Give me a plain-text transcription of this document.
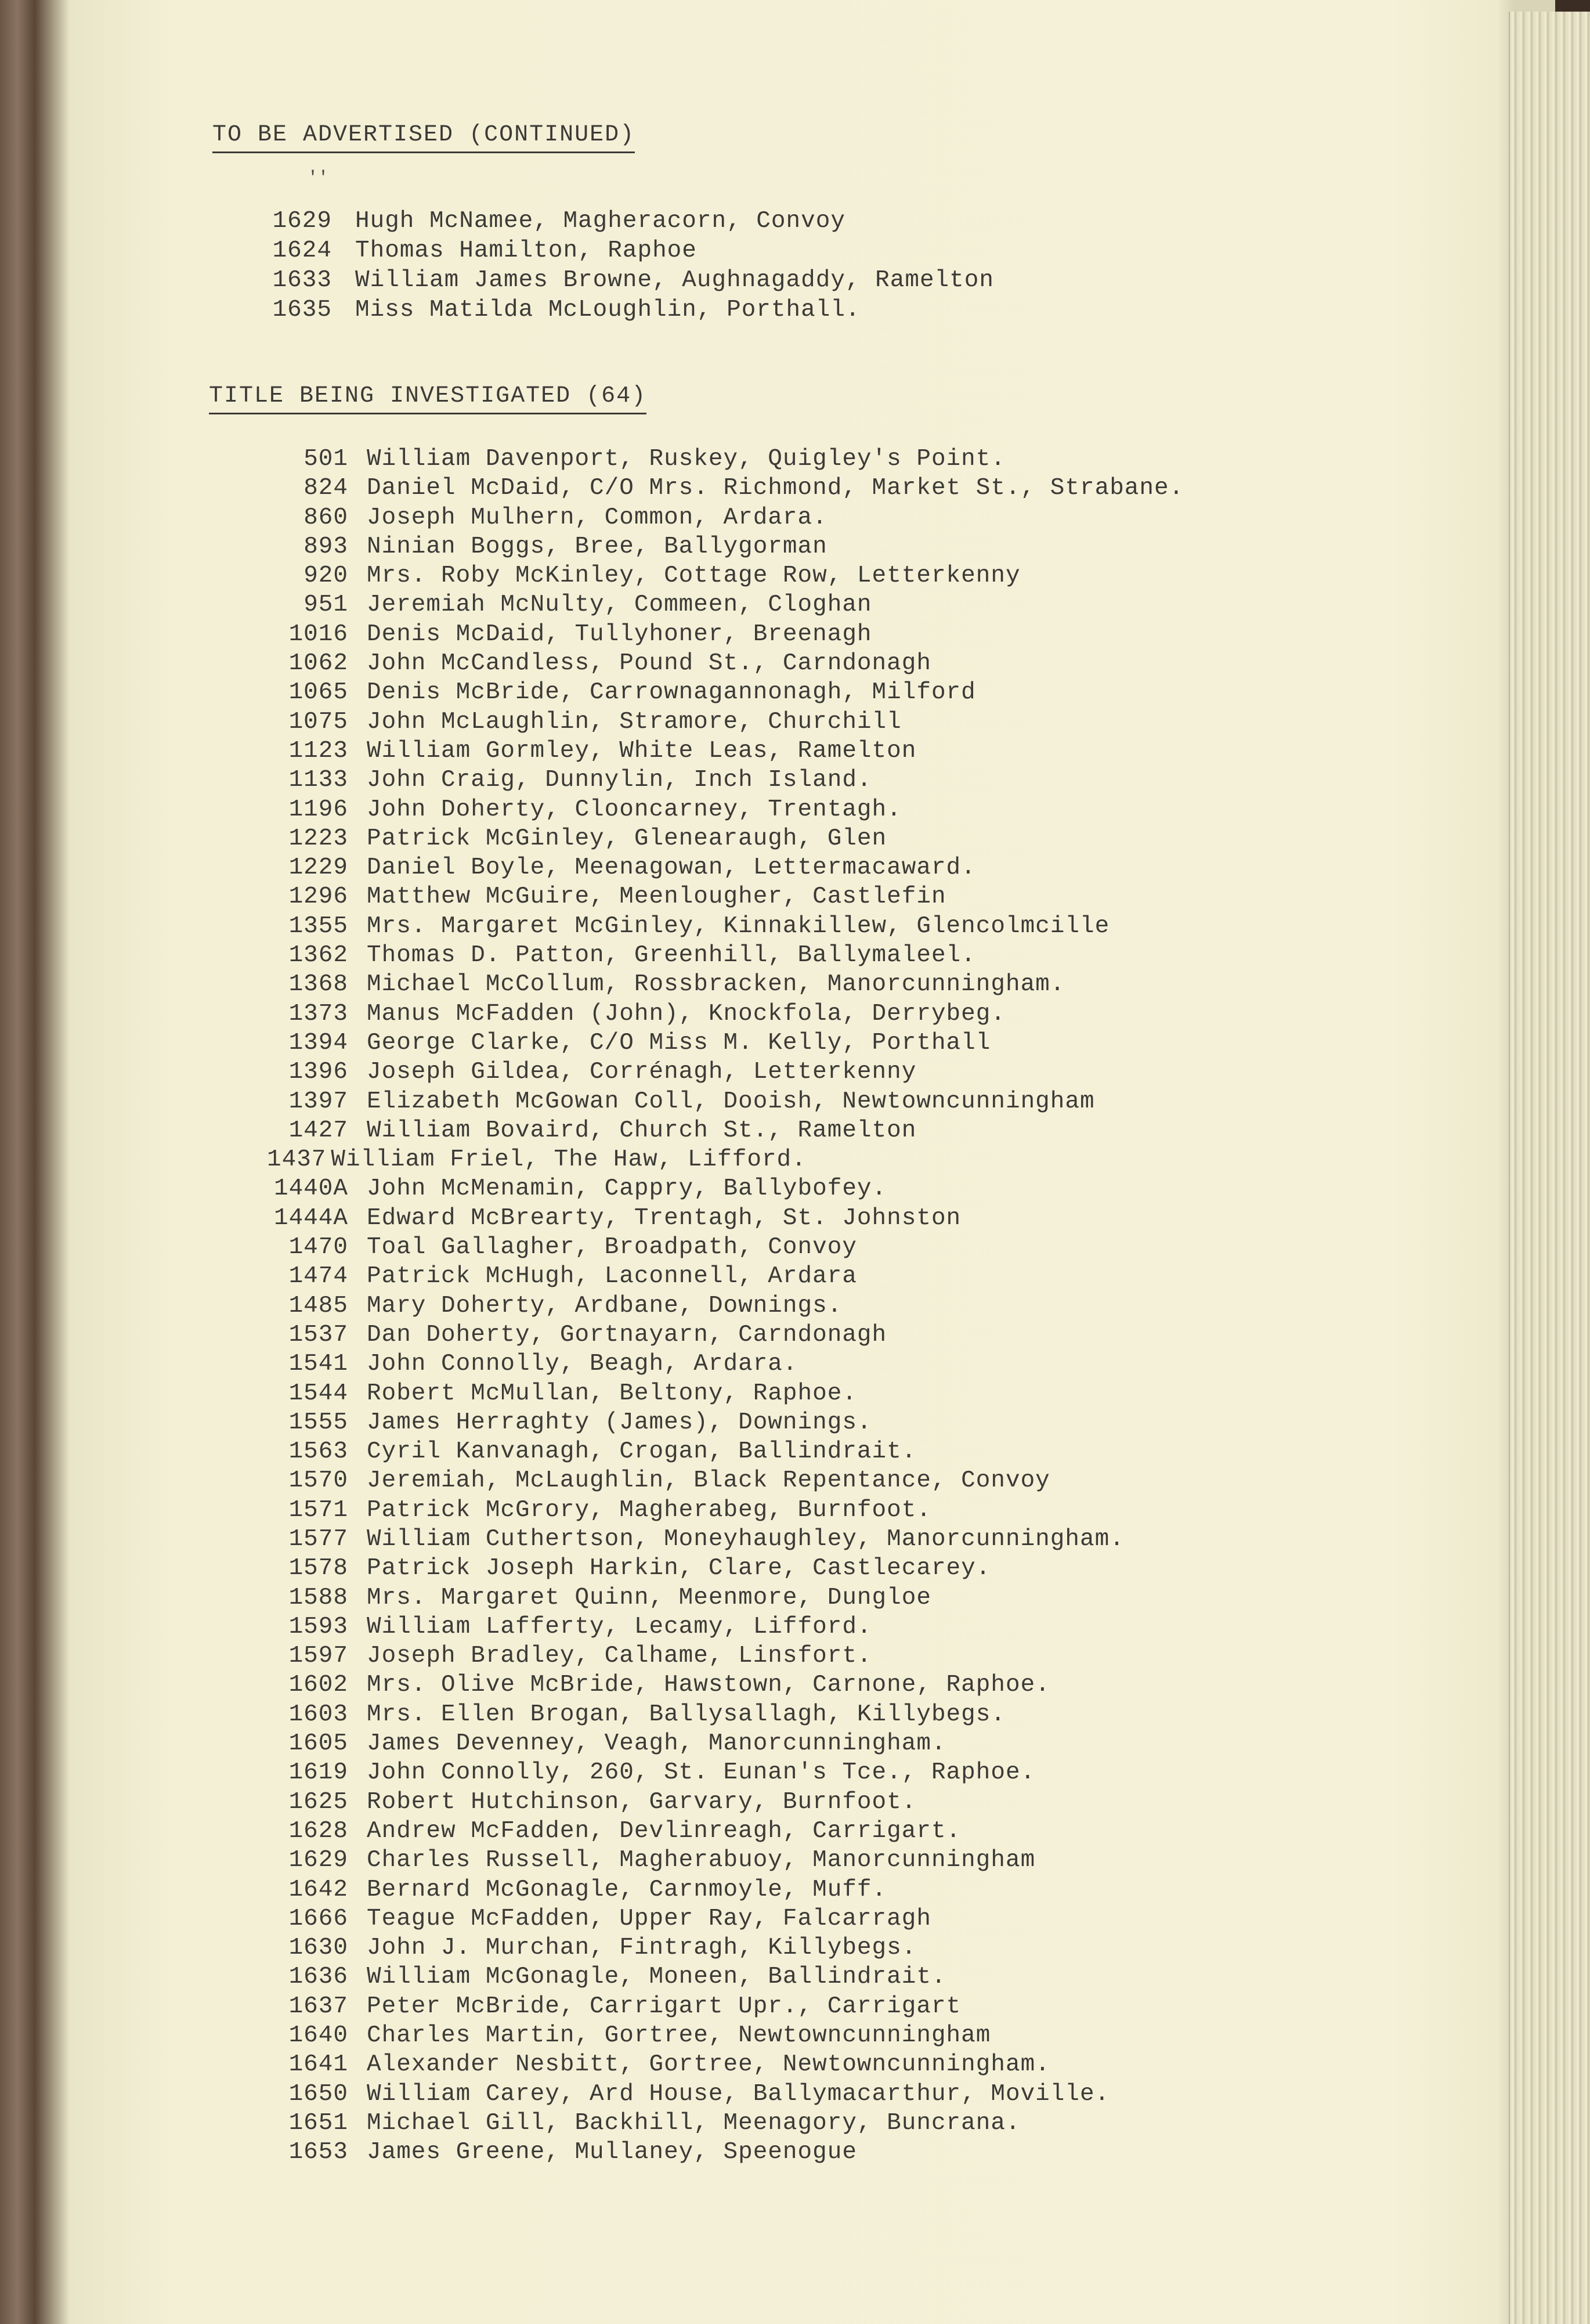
TO BE ADVERTISED (CONTINUED)
''
1629 Hugh McNamee, Magheracorn, Convoy
1624 Thomas Hamilton, Raphoe
1633 William James Browne, Aughnagaddy, Ramelton
1635 Miss Matilda McLoughlin, Porthall.
TITLE BEING INVESTIGATED (64)
501 William Davenport, Ruskey, Quigley's Point.
824 Daniel McDaid, C/O Mrs. Richmond, Market St., Strabane.
860 Joseph Mulhern, Common, Ardara.
893 Ninian Boggs, Bree, Ballygorman
920 Mrs. Roby McKinley, Cottage Row, Letterkenny
951 Jeremiah McNulty, Commeen, Cloghan
1016 Denis McDaid, Tullyhoner, Breenagh
1062 John McCandless, Pound St., Carndonagh
1065 Denis McBride, Carrownagannonagh, Milford
1075 John McLaughlin, Stramore, Churchill
1123 William Gormley, White Leas, Ramelton
1133 John Craig, Dunnylin, Inch Island.
1196 John Doherty, Clooncarney, Trentagh.
1223 Patrick McGinley, Glenearaugh, Glen
1229 Daniel Boyle, Meenagowan, Lettermacaward.
1296 Matthew McGuire, Meenlougher, Castlefin
1355 Mrs. Margaret McGinley, Kinnakillew, Glencolmcille
1362 Thomas D. Patton, Greenhill, Ballymaleel.
1368 Michael McCollum, Rossbracken, Manorcunningham.
1373 Manus McFadden (John), Knockfola, Derrybeg.
1394 George Clarke, C/O Miss M. Kelly, Porthall
1396 Joseph Gildea, Corrénagh, Letterkenny
1397 Elizabeth McGowan Coll, Dooish, Newtowncunningham
1427 William Bovaird, Church St., Ramelton
1437 William Friel, The Haw, Lifford.
1440A John McMenamin, Cappry, Ballybofey.
1444A Edward McBrearty, Trentagh, St. Johnston
1470 Toal Gallagher, Broadpath, Convoy
1474 Patrick McHugh, Laconnell, Ardara
1485 Mary Doherty, Ardbane, Downings.
1537 Dan Doherty, Gortnayarn, Carndonagh
1541 John Connolly, Beagh, Ardara.
1544 Robert McMullan, Beltony, Raphoe.
1555 James Herraghty (James), Downings.
1563 Cyril Kanvanagh, Crogan, Ballindrait.
1570 Jeremiah, McLaughlin, Black Repentance, Convoy
1571 Patrick McGrory, Magherabeg, Burnfoot.
1577 William Cuthertson, Moneyhaughley, Manorcunningham.
1578 Patrick Joseph Harkin, Clare, Castlecarey.
1588 Mrs. Margaret Quinn, Meenmore, Dungloe
1593 William Lafferty, Lecamy, Lifford.
1597 Joseph Bradley, Calhame, Linsfort.
1602 Mrs. Olive McBride, Hawstown, Carnone, Raphoe.
1603 Mrs. Ellen Brogan, Ballysallagh, Killybegs.
1605 James Devenney, Veagh, Manorcunningham.
1619 John Connolly, 260, St. Eunan's Tce., Raphoe.
1625 Robert Hutchinson, Garvary, Burnfoot.
1628 Andrew McFadden, Devlinreagh, Carrigart.
1629 Charles Russell, Magherabuoy, Manorcunningham
1642 Bernard McGonagle, Carnmoyle, Muff.
1666 Teague McFadden, Upper Ray, Falcarragh
1630 John J. Murchan, Fintragh, Killybegs.
1636 William McGonagle, Moneen, Ballindrait.
1637 Peter McBride, Carrigart Upr., Carrigart
1640 Charles Martin, Gortree, Newtowncunningham
1641 Alexander Nesbitt, Gortree, Newtowncunningham.
1650 William Carey, Ard House, Ballymacarthur, Moville.
1651 Michael Gill, Backhill, Meenagory, Buncrana.
1653 James Greene, Mullaney, Speenogue
